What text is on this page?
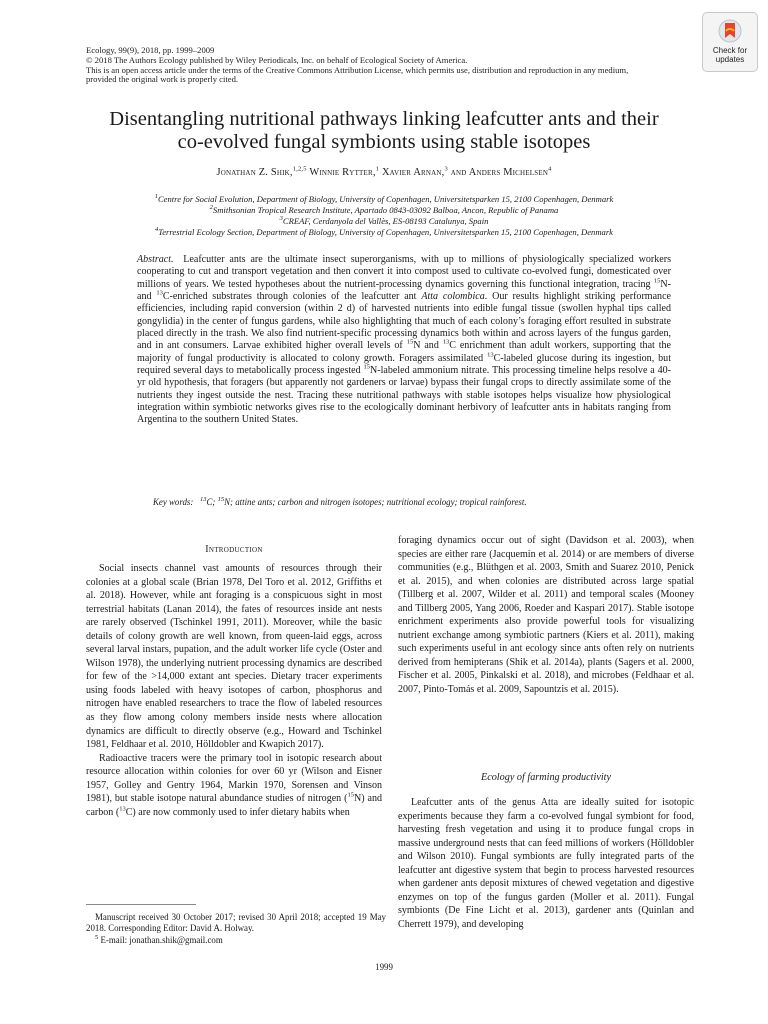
Ecology, 99(9), 2018, pp. 1999–2009
© 2018 The Authors Ecology published by Wiley Periodicals, Inc. on behalf of Ecological Society of America.
This is an open access article under the terms of the Creative Commons Attribution License, which permits use, distribution and reproduction in any medium,
provided the original work is properly cited.
Check for
updates
Disentangling nutritional pathways linking leafcutter ants and their
co-evolved fungal symbionts using stable isotopes
Jonathan Z. Shik,$^{1,2,5}$ Winnie Rytter,$^1$ Xavier Arnan,$^3$ and Anders Michelsen$^4$
$^1$Centre for Social Evolution, Department of Biology, University of Copenhagen, Universitetsparken 15, 2100 Copenhagen, Denmark
$^2$Smithsonian Tropical Research Institute, Apartado 0843-03092 Balboa, Ancon, Republic of Panama
$^3$CREAF, Cerdanyola del Vallès, ES-08193 Catalunya, Spain
$^4$Terrestrial Ecology Section, Department of Biology, University of Copenhagen, Universitetsparken 15, 2100 Copenhagen, Denmark
Abstract. Leafcutter ants are the ultimate insect superorganisms, with up to millions of physiologically specialized workers cooperating to cut and transport vegetation and then convert it into compost used to cultivate co-evolved fungi, domesticated over millions of years. We tested hypotheses about the nutrient-processing dynamics governing this functional integration, tracing $^{15}$N- and $^{13}$C-enriched substrates through colonies of the leafcutter ant Atta colombica. Our results highlight striking performance efficiencies, including rapid conversion (within 2 d) of harvested nutrients into edible fungal tissue (swollen hyphal tips called gongylidia) in the center of fungus gardens, while also highlighting that much of each colony’s foraging effort resulted in substrate placed directly in the trash. We also find nutrient-specific processing dynamics both within and across layers of the fungus garden, and in ant consumers. Larvae exhibited higher overall levels of $^{15}$N and $^{13}$C enrichment than adult workers, supporting that the majority of fungal productivity is allocated to colony growth. Foragers assimilated $^{13}$C-labeled glucose during its ingestion, but required several days to metabolically process ingested $^{15}$N-labeled ammonium nitrate. This processing timeline helps resolve a 40-yr old hypothesis, that foragers (but apparently not gardeners or larvae) bypass their fungal crops to directly assimilate some of the nutrients they ingest outside the nest. Tracing these nutritional pathways with stable isotopes helps visualize how physiological integration within symbiotic networks gives rise to the ecologically dominant herbivory of leafcutter ants in habitats ranging from Argentina to the southern United States.
Key words: $^{13}$C; $^{15}$N; attine ants; carbon and nitrogen isotopes; nutritional ecology; tropical rainforest.
Introduction

Social insects channel vast amounts of resources through their colonies at a global scale (Brian 1978, Del Toro et al. 2012, Griffiths et al. 2018). However, while ant foraging is a conspicuous sight in most terrestrial habitats (Lanan 2014), the fates of resources inside ant nests are rarely observed (Tschinkel 1991, 2011). Moreover, while the basic details of colony growth are well known, from queen-laid eggs, across several larval instars, pupation, and the adult worker life cycle (Oster and Wilson 1978), the underlying nutrient processing dynamics are described for few of the >14,000 extant ant species. Dietary tracer experiments using foods labeled with heavy isotopes of carbon, phosphorus and nitrogen have enabled researchers to trace the flow of labeled resources as they flow among colony members inside nests where allocation dynamics are difficult to directly observe (e.g., Howard and Tschinkel 1981, Feldhaar et al. 2010, Hölldobler and Kwapich 2017).

Radioactive tracers were the primary tool in isotopic research about resource allocation within colonies for over 60 yr (Wilson and Eisner 1957, Golley and Gentry 1964, Markin 1970, Sorensen and Vinson 1981), but stable isotope natural abundance studies of nitrogen ($^{15}$N) and carbon ($^{13}$C) are now commonly used to infer dietary habits when

foraging dynamics occur out of sight (Davidson et al. 2003), when species are either rare (Jacquemin et al. 2014) or are members of diverse communities (e.g., Blüthgen et al. 2003, Smith and Suarez 2010, Penick et al. 2015), and when colonies are distributed across large spatial (Tillberg et al. 2007, Wilder et al. 2011) and temporal scales (Mooney and Tillberg 2005, Yang 2006, Roeder and Kaspari 2017). Stable isotope enrichment experiments also provide powerful tools for visualizing nutrient exchange among symbiotic partners (Kiers et al. 2011), making such experiments useful in ant ecology since ants often rely on nutrients derived from hemipterans (Shik et al. 2014a), plants (Sagers et al. 2000, Fischer et al. 2005, Pinkalski et al. 2018), and microbes (Feldhaar et al. 2007, Pinto-Tomás et al. 2009, Sapountzis et al. 2015).

Ecology of farming productivity

Leafcutter ants of the genus Atta are ideally suited for isotopic experiments because they farm a co-evolved fungal symbiont for food, harvesting fresh vegetation and using it to produce fungal crops in massive underground nests that can feed millions of workers (Hölldobler and Wilson 2010). Fungal symbionts are fully integrated parts of the leafcutter ant digestive system that begin to process harvested resources when gardener ants deposit mixtures of chewed vegetation and digestive enzymes on top of the fungus garden (Moller et al. 2011). Fungal symbionts (De Fine Licht et al. 2013), gardener ants (Quinlan and Cherrett 1979), and developing

Manuscript received 30 October 2017; revised 30 April 2018; accepted 19 May 2018. Corresponding Editor: David A. Holway.
$^5$ E-mail: jonathan.shik@gmail.com
1999
